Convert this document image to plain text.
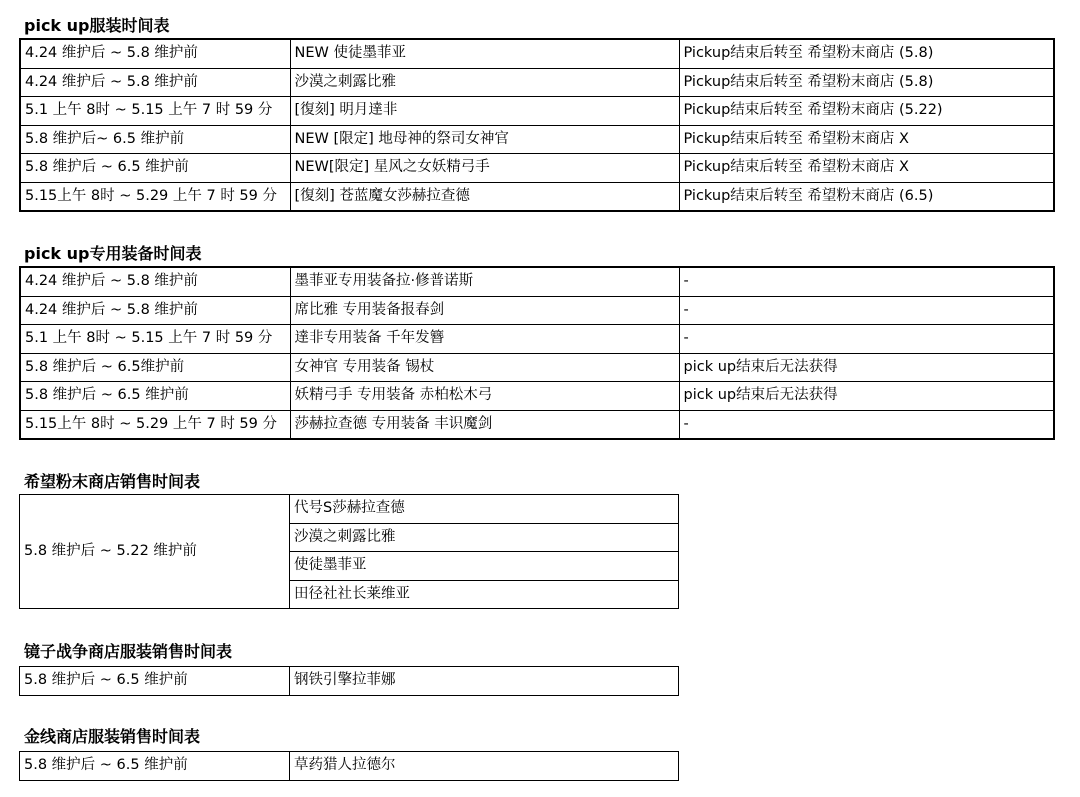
pick up服装时间表
4.24 维护后 ~ 5.8 维护前	NEW 使徒墨菲亚	Pickup结束后转至 希望粉末商店 (5.8)
4.24 维护后 ~ 5.8 维护前	沙漠之刺露比雅	Pickup结束后转至 希望粉末商店 (5.8)
5.1 上午 8时 ~ 5.15 上午 7 时 59 分	[復刻] 明月達非	Pickup结束后转至 希望粉末商店 (5.22)
5.8 维护后~ 6.5 维护前	NEW [限定] 地母神的祭司女神官	Pickup结束后转至 希望粉末商店 X
5.8 维护后 ~ 6.5 维护前	NEW[限定] 星风之女妖精弓手	Pickup结束后转至 希望粉末商店 X
5.15上午 8时 ~ 5.29 上午 7 时 59 分	[復刻] 苍蓝魔女莎赫拉查德	Pickup结束后转至 希望粉末商店 (6.5)
pick up专用装备时间表
4.24 维护后 ~ 5.8 维护前	墨菲亚专用装备拉·修普诺斯	-
4.24 维护后 ~ 5.8 维护前	席比雅 专用装备报春剑	-
5.1 上午 8时 ~ 5.15 上午 7 时 59 分	達非专用装备 千年发簪	-
5.8 维护后 ~ 6.5维护前	女神官 专用装备 锡杖	pick up结束后无法获得
5.8 维护后 ~ 6.5 维护前	妖精弓手 专用装备 赤柏松木弓	pick up结束后无法获得
5.15上午 8时 ~ 5.29 上午 7 时 59 分	莎赫拉查德 专用装备 丰识魔剑	-
希望粉末商店销售时间表
5.8 维护后 ~ 5.22 维护前	代号S莎赫拉查德
沙漠之刺露比雅
使徒墨菲亚
田径社社长莱维亚
镜子战争商店服装销售时间表
5.8 维护后 ~ 6.5 维护前	钢铁引擎拉菲娜
金线商店服装销售时间表
5.8 维护后 ~ 6.5 维护前	草药猎人拉德尔
